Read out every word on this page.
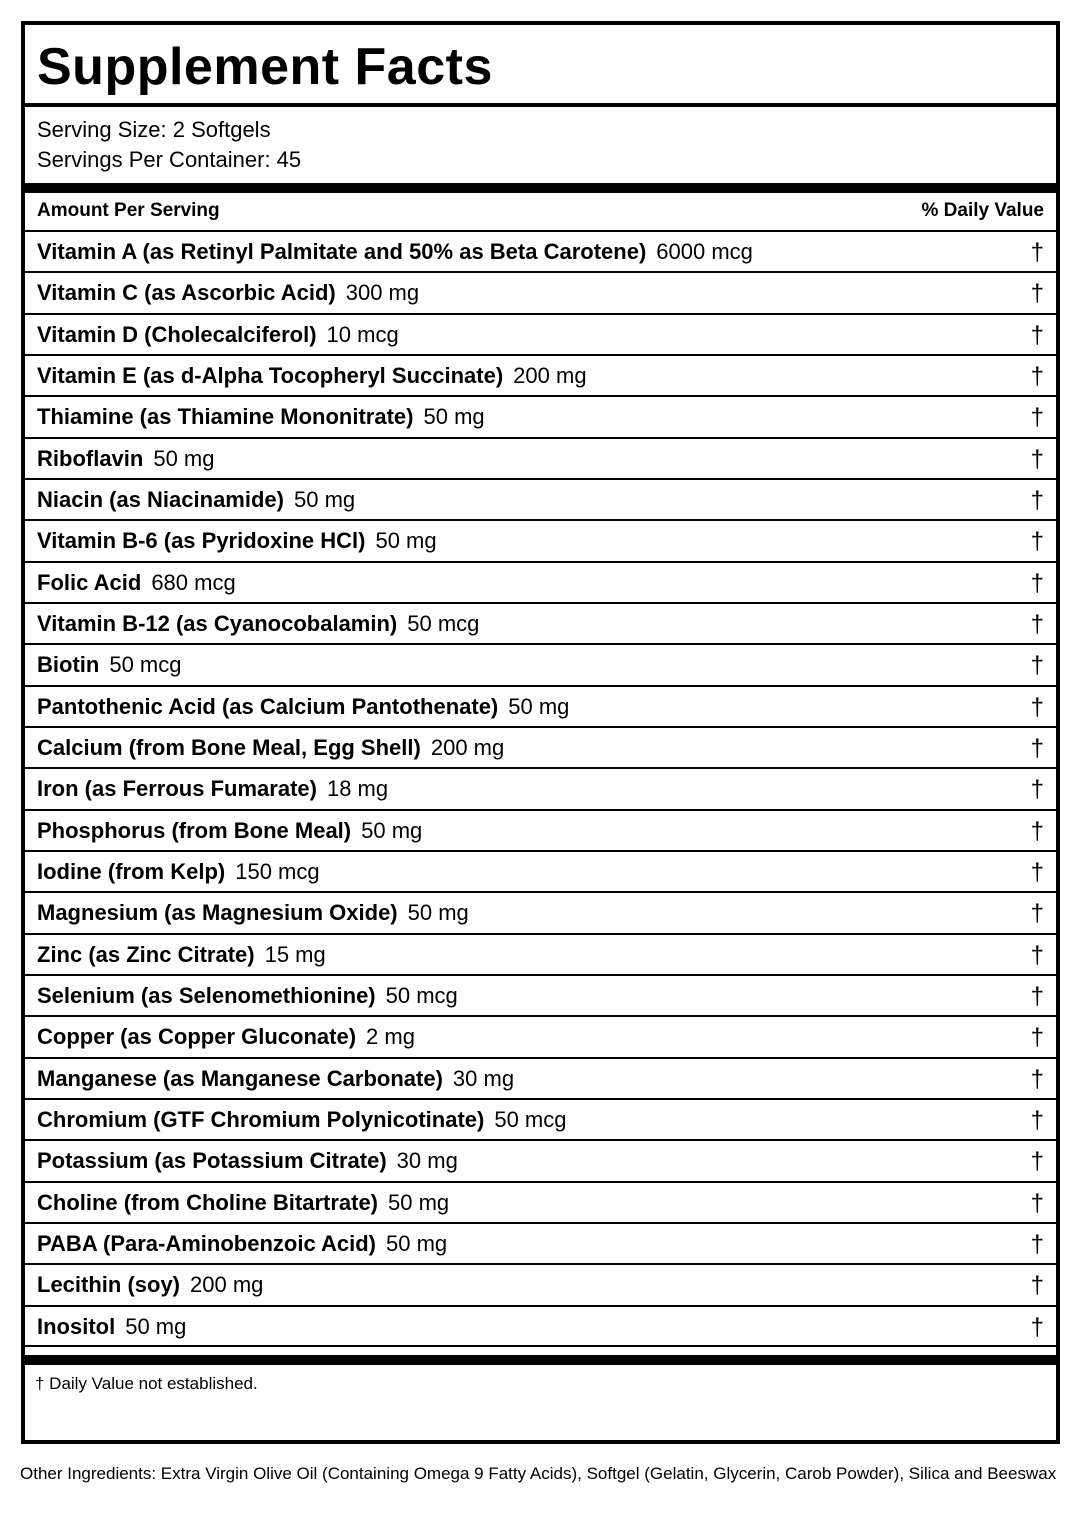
Supplement Facts
Serving Size: 2 Softgels
Servings Per Container: 45
Amount Per Serving	% Daily Value
Vitamin A (as Retinyl Palmitate and 50% as Beta Carotene) 6000 mcg	†
Vitamin C (as Ascorbic Acid) 300 mg	†
Vitamin D (Cholecalciferol) 10 mcg	†
Vitamin E (as d-Alpha Tocopheryl Succinate) 200 mg	†
Thiamine (as Thiamine Mononitrate) 50 mg	†
Riboflavin 50 mg	†
Niacin (as Niacinamide) 50 mg	†
Vitamin B-6 (as Pyridoxine HCl) 50 mg	†
Folic Acid 680 mcg	†
Vitamin B-12 (as Cyanocobalamin) 50 mcg	†
Biotin 50 mcg	†
Pantothenic Acid (as Calcium Pantothenate) 50 mg	†
Calcium (from Bone Meal, Egg Shell) 200 mg	†
Iron (as Ferrous Fumarate) 18 mg	†
Phosphorus (from Bone Meal) 50 mg	†
Iodine (from Kelp) 150 mcg	†
Magnesium (as Magnesium Oxide) 50 mg	†
Zinc (as Zinc Citrate) 15 mg	†
Selenium (as Selenomethionine) 50 mcg	†
Copper (as Copper Gluconate) 2 mg	†
Manganese (as Manganese Carbonate) 30 mg	†
Chromium (GTF Chromium Polynicotinate) 50 mcg	†
Potassium (as Potassium Citrate) 30 mg	†
Choline (from Choline Bitartrate) 50 mg	†
PABA (Para-Aminobenzoic Acid) 50 mg	†
Lecithin (soy) 200 mg	†
Inositol 50 mg	†
† Daily Value not established.
Other Ingredients: Extra Virgin Olive Oil (Containing Omega 9 Fatty Acids), Softgel (Gelatin, Glycerin, Carob Powder), Silica and Beeswax
